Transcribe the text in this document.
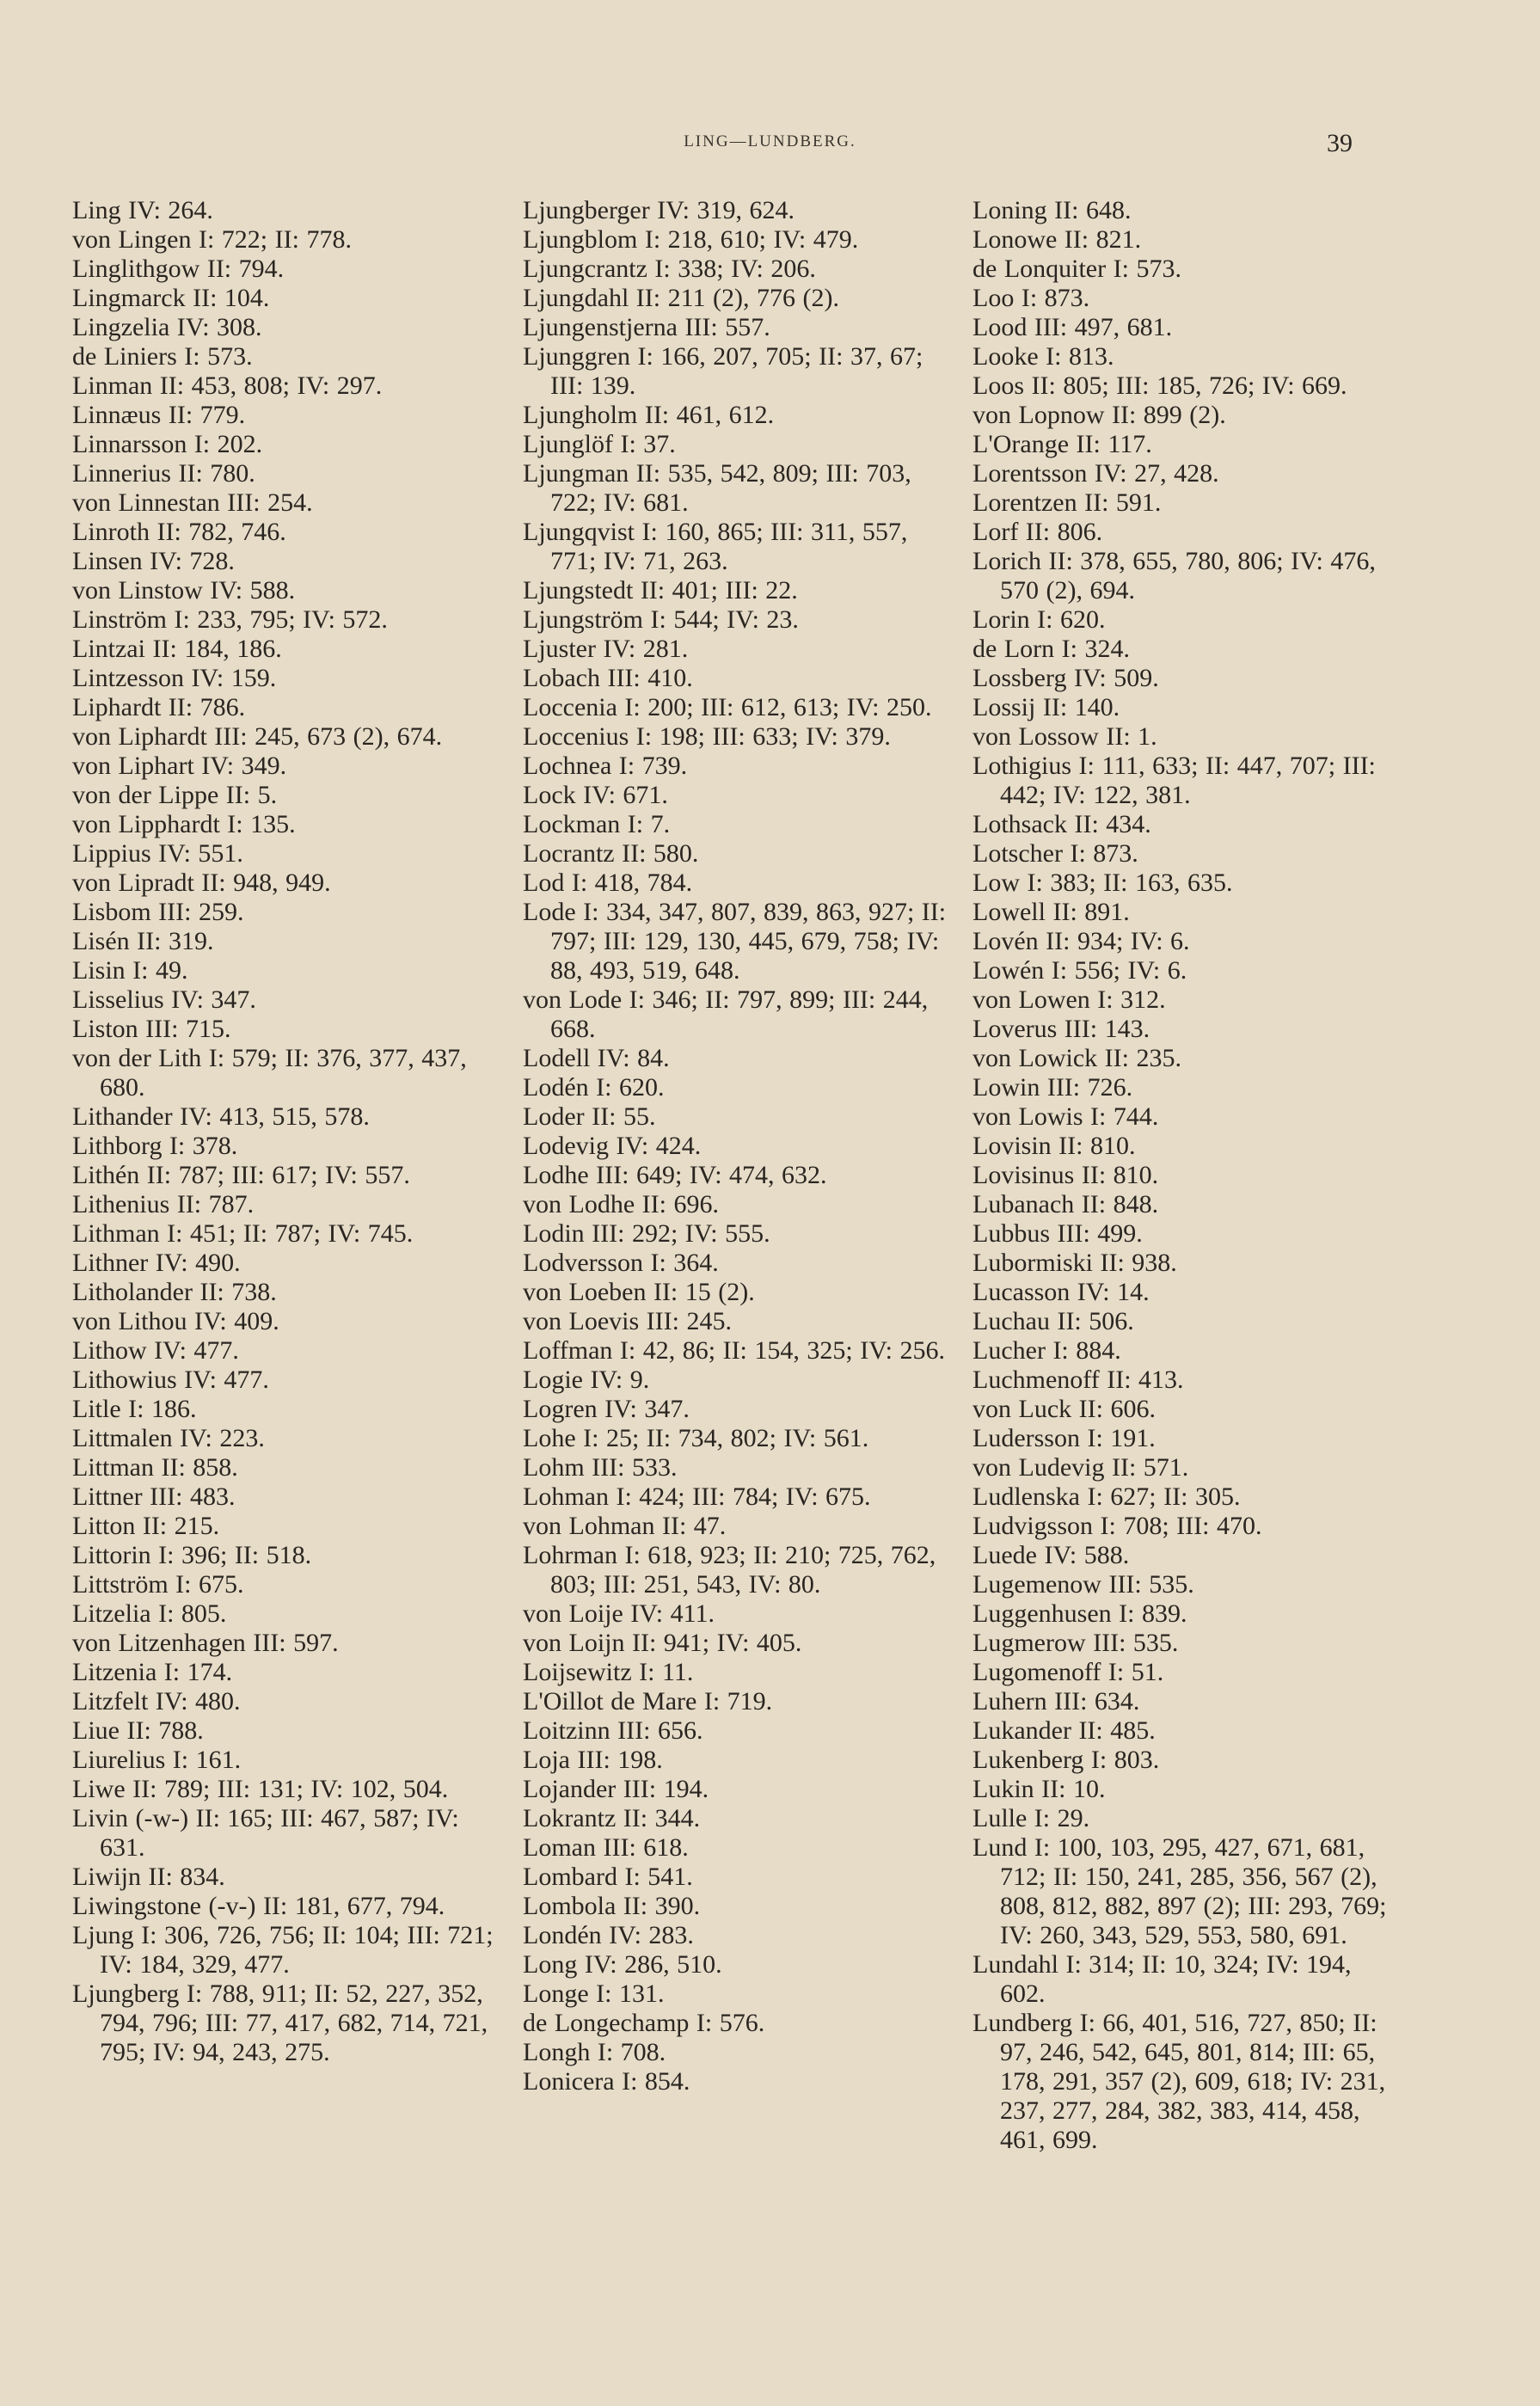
LING—LUNDBERG.	39
Ling IV: 264.
von Lingen I: 722; II: 778.
Linglithgow II: 794.
Lingmarck II: 104.
Lingzelia IV: 308.
de Liniers I: 573.
Linman II: 453, 808; IV: 297.
Linnæus II: 779.
Linnarsson I: 202.
Linnerius II: 780.
von Linnestan III: 254.
Linroth II: 782, 746.
Linsen IV: 728.
von Linstow IV: 588.
Linström I: 233, 795; IV: 572.
Lintzai II: 184, 186.
Lintzesson IV: 159.
Liphardt II: 786.
von Liphardt III: 245, 673 (2), 674.
von Liphart IV: 349.
von der Lippe II: 5.
von Lipphardt I: 135.
Lippius IV: 551.
von Lipradt II: 948, 949.
Lisbom III: 259.
Lisén II: 319.
Lisin I: 49.
Lisselius IV: 347.
Liston III: 715.
von der Lith I: 579; II: 376, 377, 437, 680.
Lithander IV: 413, 515, 578.
Lithborg I: 378.
Lithén II: 787; III: 617; IV: 557.
Lithenius II: 787.
Lithman I: 451; II: 787; IV: 745.
Lithner IV: 490.
Litholander II: 738.
von Lithou IV: 409.
Lithow IV: 477.
Lithowius IV: 477.
Litle I: 186.
Littmalen IV: 223.
Littman II: 858.
Littner III: 483.
Litton II: 215.
Littorin I: 396; II: 518.
Littström I: 675.
Litzelia I: 805.
von Litzenhagen III: 597.
Litzenia I: 174.
Litzfelt IV: 480.
Liue II: 788.
Liurelius I: 161.
Liwe II: 789; III: 131; IV: 102, 504.
Livin (-w-) II: 165; III: 467, 587; IV: 631.
Liwijn II: 834.
Liwingstone (-v-) II: 181, 677, 794.
Ljung I: 306, 726, 756; II: 104; III: 721; IV: 184, 329, 477.
Ljungberg I: 788, 911; II: 52, 227, 352, 794, 796; III: 77, 417, 682, 714, 721, 795; IV: 94, 243, 275.
Ljungberger IV: 319, 624.
Ljungblom I: 218, 610; IV: 479.
Ljungcrantz I: 338; IV: 206.
Ljungdahl II: 211 (2), 776 (2).
Ljungenstjerna III: 557.
Ljunggren I: 166, 207, 705; II: 37, 67; III: 139.
Ljungholm II: 461, 612.
Ljunglöf I: 37.
Ljungman II: 535, 542, 809; III: 703, 722; IV: 681.
Ljungqvist I: 160, 865; III: 311, 557, 771; IV: 71, 263.
Ljungstedt II: 401; III: 22.
Ljungström I: 544; IV: 23.
Ljuster IV: 281.
Lobach III: 410.
Loccenia I: 200; III: 612, 613; IV: 250.
Loccenius I: 198; III: 633; IV: 379.
Lochnea I: 739.
Lock IV: 671.
Lockman I: 7.
Locrantz II: 580.
Lod I: 418, 784.
Lode I: 334, 347, 807, 839, 863, 927; II: 797; III: 129, 130, 445, 679, 758; IV: 88, 493, 519, 648.
von Lode I: 346; II: 797, 899; III: 244, 668.
Lodell IV: 84.
Lodén I: 620.
Loder II: 55.
Lodevig IV: 424.
Lodhe III: 649; IV: 474, 632.
von Lodhe II: 696.
Lodin III: 292; IV: 555.
Lodversson I: 364.
von Loeben II: 15 (2).
von Loevis III: 245.
Loffman I: 42, 86; II: 154, 325; IV: 256.
Logie IV: 9.
Logren IV: 347.
Lohe I: 25; II: 734, 802; IV: 561.
Lohm III: 533.
Lohman I: 424; III: 784; IV: 675.
von Lohman II: 47.
Lohrman I: 618, 923; II: 210; 725, 762, 803; III: 251, 543, IV: 80.
von Loije IV: 411.
von Loijn II: 941; IV: 405.
Loijsewitz I: 11.
L'Oillot de Mare I: 719.
Loitzinn III: 656.
Loja III: 198.
Lojander III: 194.
Lokrantz II: 344.
Loman III: 618.
Lombard I: 541.
Lombola II: 390.
Londén IV: 283.
Long IV: 286, 510.
Longe I: 131.
de Longechamp I: 576.
Longh I: 708.
Lonicera I: 854.
Loning II: 648.
Lonowe II: 821.
de Lonquiter I: 573.
Loo I: 873.
Lood III: 497, 681.
Looke I: 813.
Loos II: 805; III: 185, 726; IV: 669.
von Lopnow II: 899 (2).
L'Orange II: 117.
Lorentsson IV: 27, 428.
Lorentzen II: 591.
Lorf II: 806.
Lorich II: 378, 655, 780, 806; IV: 476, 570 (2), 694.
Lorin I: 620.
de Lorn I: 324.
Lossberg IV: 509.
Lossij II: 140.
von Lossow II: 1.
Lothigius I: 111, 633; II: 447, 707; III: 442; IV: 122, 381.
Lothsack II: 434.
Lotscher I: 873.
Low I: 383; II: 163, 635.
Lowell II: 891.
Lovén II: 934; IV: 6.
Lowén I: 556; IV: 6.
von Lowen I: 312.
Loverus III: 143.
von Lowick II: 235.
Lowin III: 726.
von Lowis I: 744.
Lovisin II: 810.
Lovisinus II: 810.
Lubanach II: 848.
Lubbus III: 499.
Lubormiski II: 938.
Lucasson IV: 14.
Luchau II: 506.
Lucher I: 884.
Luchmenoff II: 413.
von Luck II: 606.
Ludersson I: 191.
von Ludevig II: 571.
Ludlenska I: 627; II: 305.
Ludvigsson I: 708; III: 470.
Luede IV: 588.
Lugemenow III: 535.
Luggenhusen I: 839.
Lugmerow III: 535.
Lugomenoff I: 51.
Luhern III: 634.
Lukander II: 485.
Lukenberg I: 803.
Lukin II: 10.
Lulle I: 29.
Lund I: 100, 103, 295, 427, 671, 681, 712; II: 150, 241, 285, 356, 567 (2), 808, 812, 882, 897 (2); III: 293, 769; IV: 260, 343, 529, 553, 580, 691.
Lundahl I: 314; II: 10, 324; IV: 194, 602.
Lundberg I: 66, 401, 516, 727, 850; II: 97, 246, 542, 645, 801, 814; III: 65, 178, 291, 357 (2), 609, 618; IV: 231, 237, 277, 284, 382, 383, 414, 458, 461, 699.
